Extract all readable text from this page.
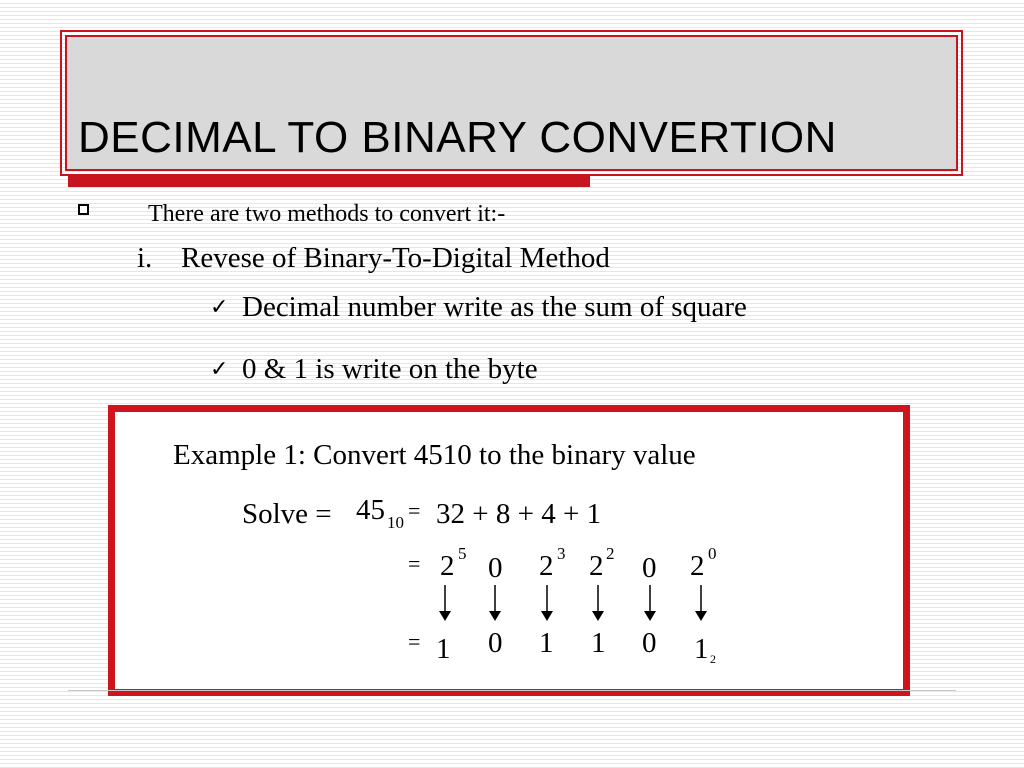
DECIMAL TO BINARY CONVERTION
There are two methods to convert it:-
i. Revese of Binary-To-Digital Method
✓ Decimal number write as the sum of square
✓ 0 & 1 is write on the byte
Example 1: Convert 4510 to the binary value
Solve = 45 10 = 32 + 8 + 4 + 1
= 2 5 0 2 3 2 2 0 2 0
= 1 0 1 1 0 1 2
